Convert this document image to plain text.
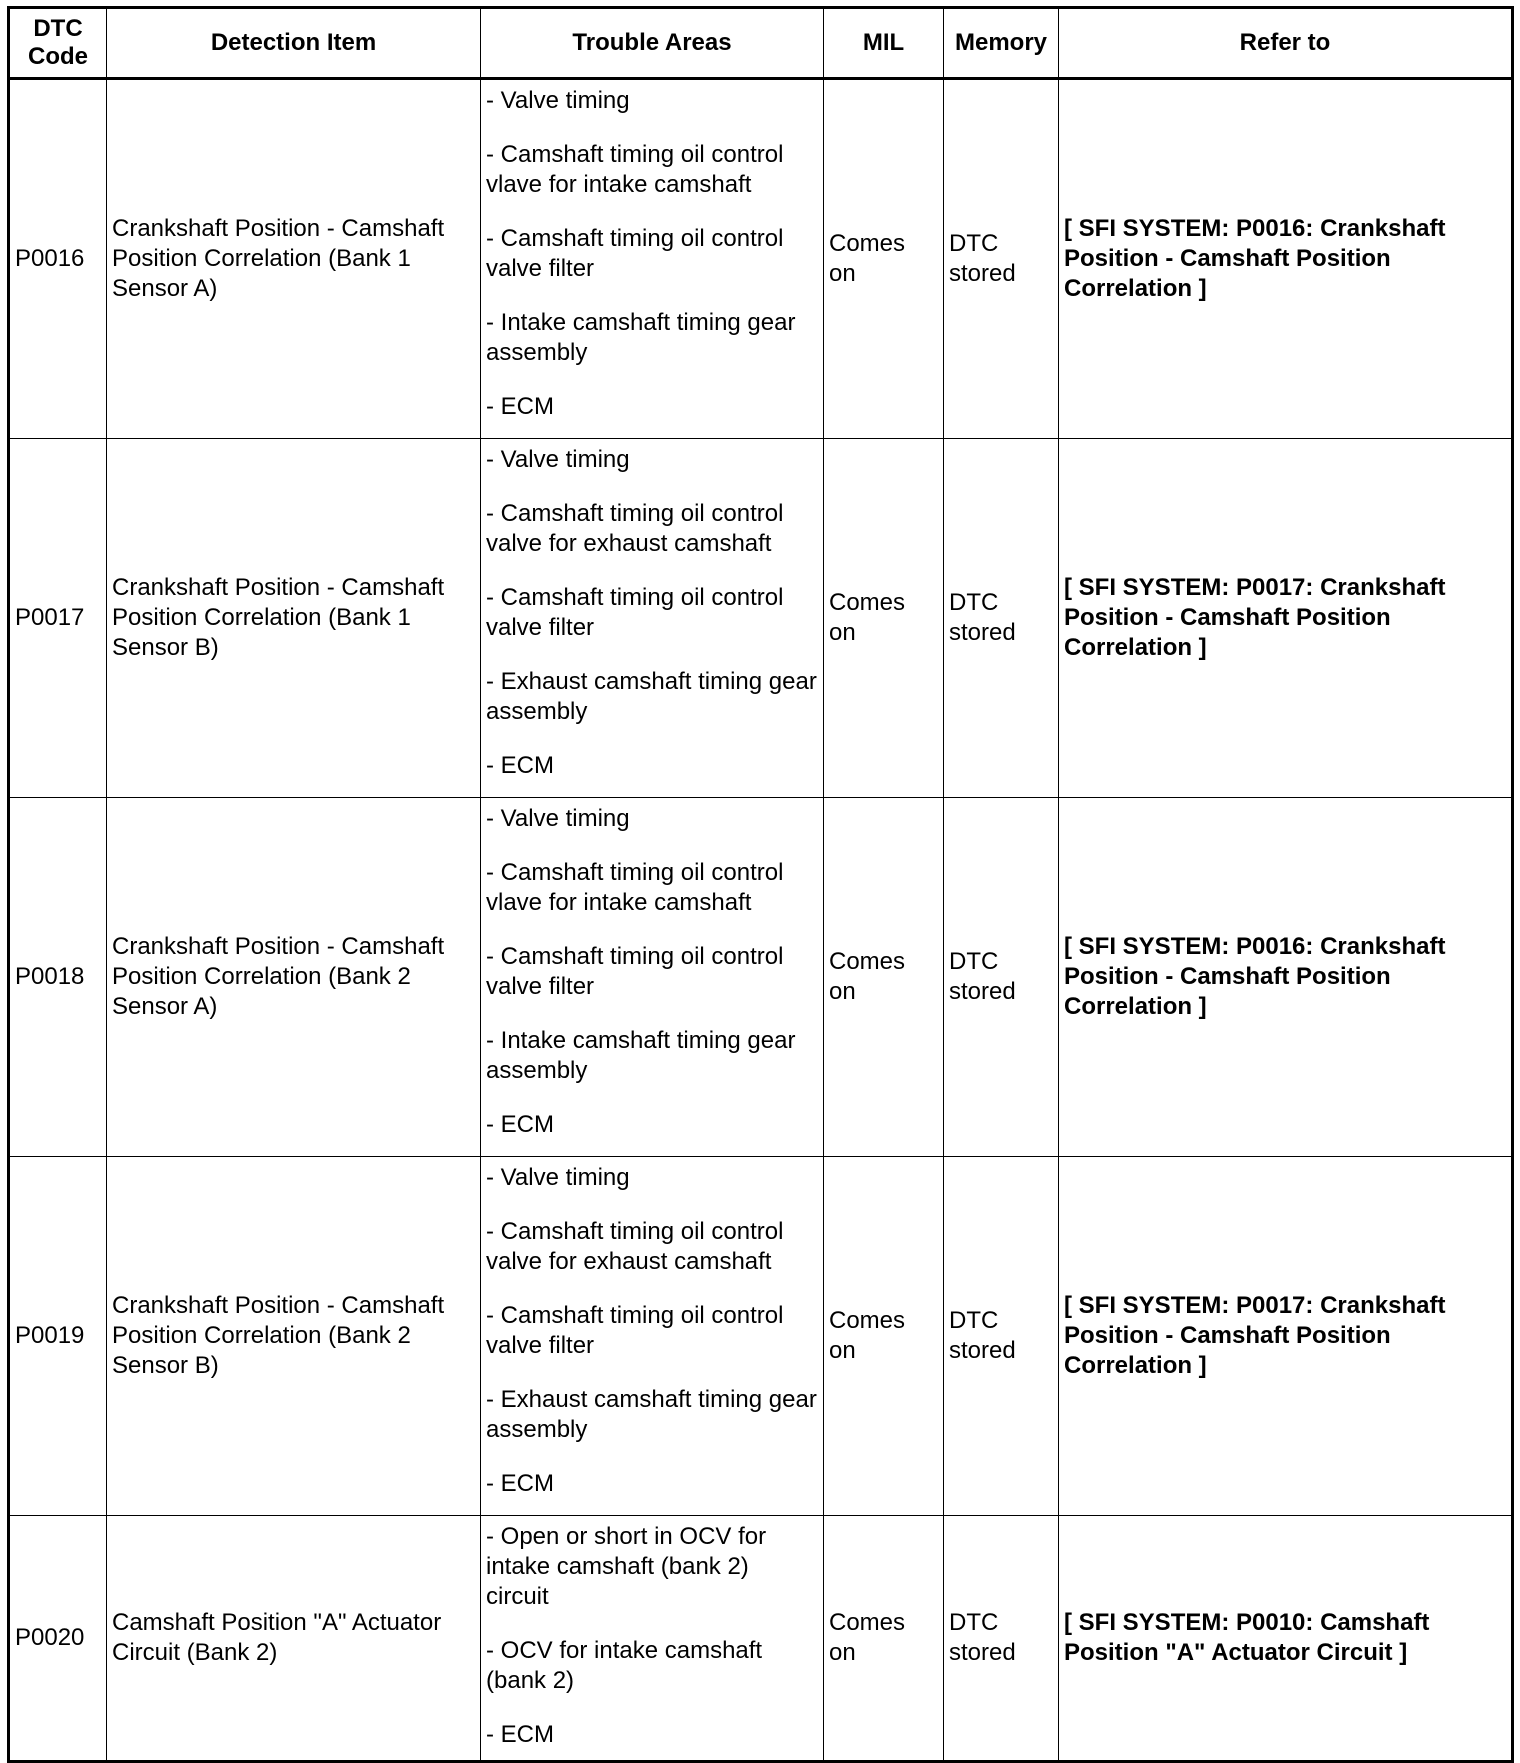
DTC Code	Detection Item	Trouble Areas	MIL	Memory	Refer to
P0016	Crankshaft Position - Camshaft Position Correlation (Bank 1 Sensor A)	- Valve timing
- Camshaft timing oil control vlave for intake camshaft
- Camshaft timing oil control valve filter
- Intake camshaft timing gear assembly
- ECM	Comes on	DTC stored	[ SFI SYSTEM: P0016: Crankshaft Position - Camshaft Position Correlation ]
P0017	Crankshaft Position - Camshaft Position Correlation (Bank 1 Sensor B)	- Valve timing
- Camshaft timing oil control valve for exhaust camshaft
- Camshaft timing oil control valve filter
- Exhaust camshaft timing gear assembly
- ECM	Comes on	DTC stored	[ SFI SYSTEM: P0017: Crankshaft Position - Camshaft Position Correlation ]
P0018	Crankshaft Position - Camshaft Position Correlation (Bank 2 Sensor A)	- Valve timing
- Camshaft timing oil control vlave for intake camshaft
- Camshaft timing oil control valve filter
- Intake camshaft timing gear assembly
- ECM	Comes on	DTC stored	[ SFI SYSTEM: P0016: Crankshaft Position - Camshaft Position Correlation ]
P0019	Crankshaft Position - Camshaft Position Correlation (Bank 2 Sensor B)	- Valve timing
- Camshaft timing oil control valve for exhaust camshaft
- Camshaft timing oil control valve filter
- Exhaust camshaft timing gear assembly
- ECM	Comes on	DTC stored	[ SFI SYSTEM: P0017: Crankshaft Position - Camshaft Position Correlation ]
P0020	Camshaft Position "A" Actuator Circuit (Bank 2)	- Open or short in OCV for intake camshaft (bank 2) circuit
- OCV for intake camshaft (bank 2)
- ECM	Comes on	DTC stored	[ SFI SYSTEM: P0010: Camshaft Position "A" Actuator Circuit ]
